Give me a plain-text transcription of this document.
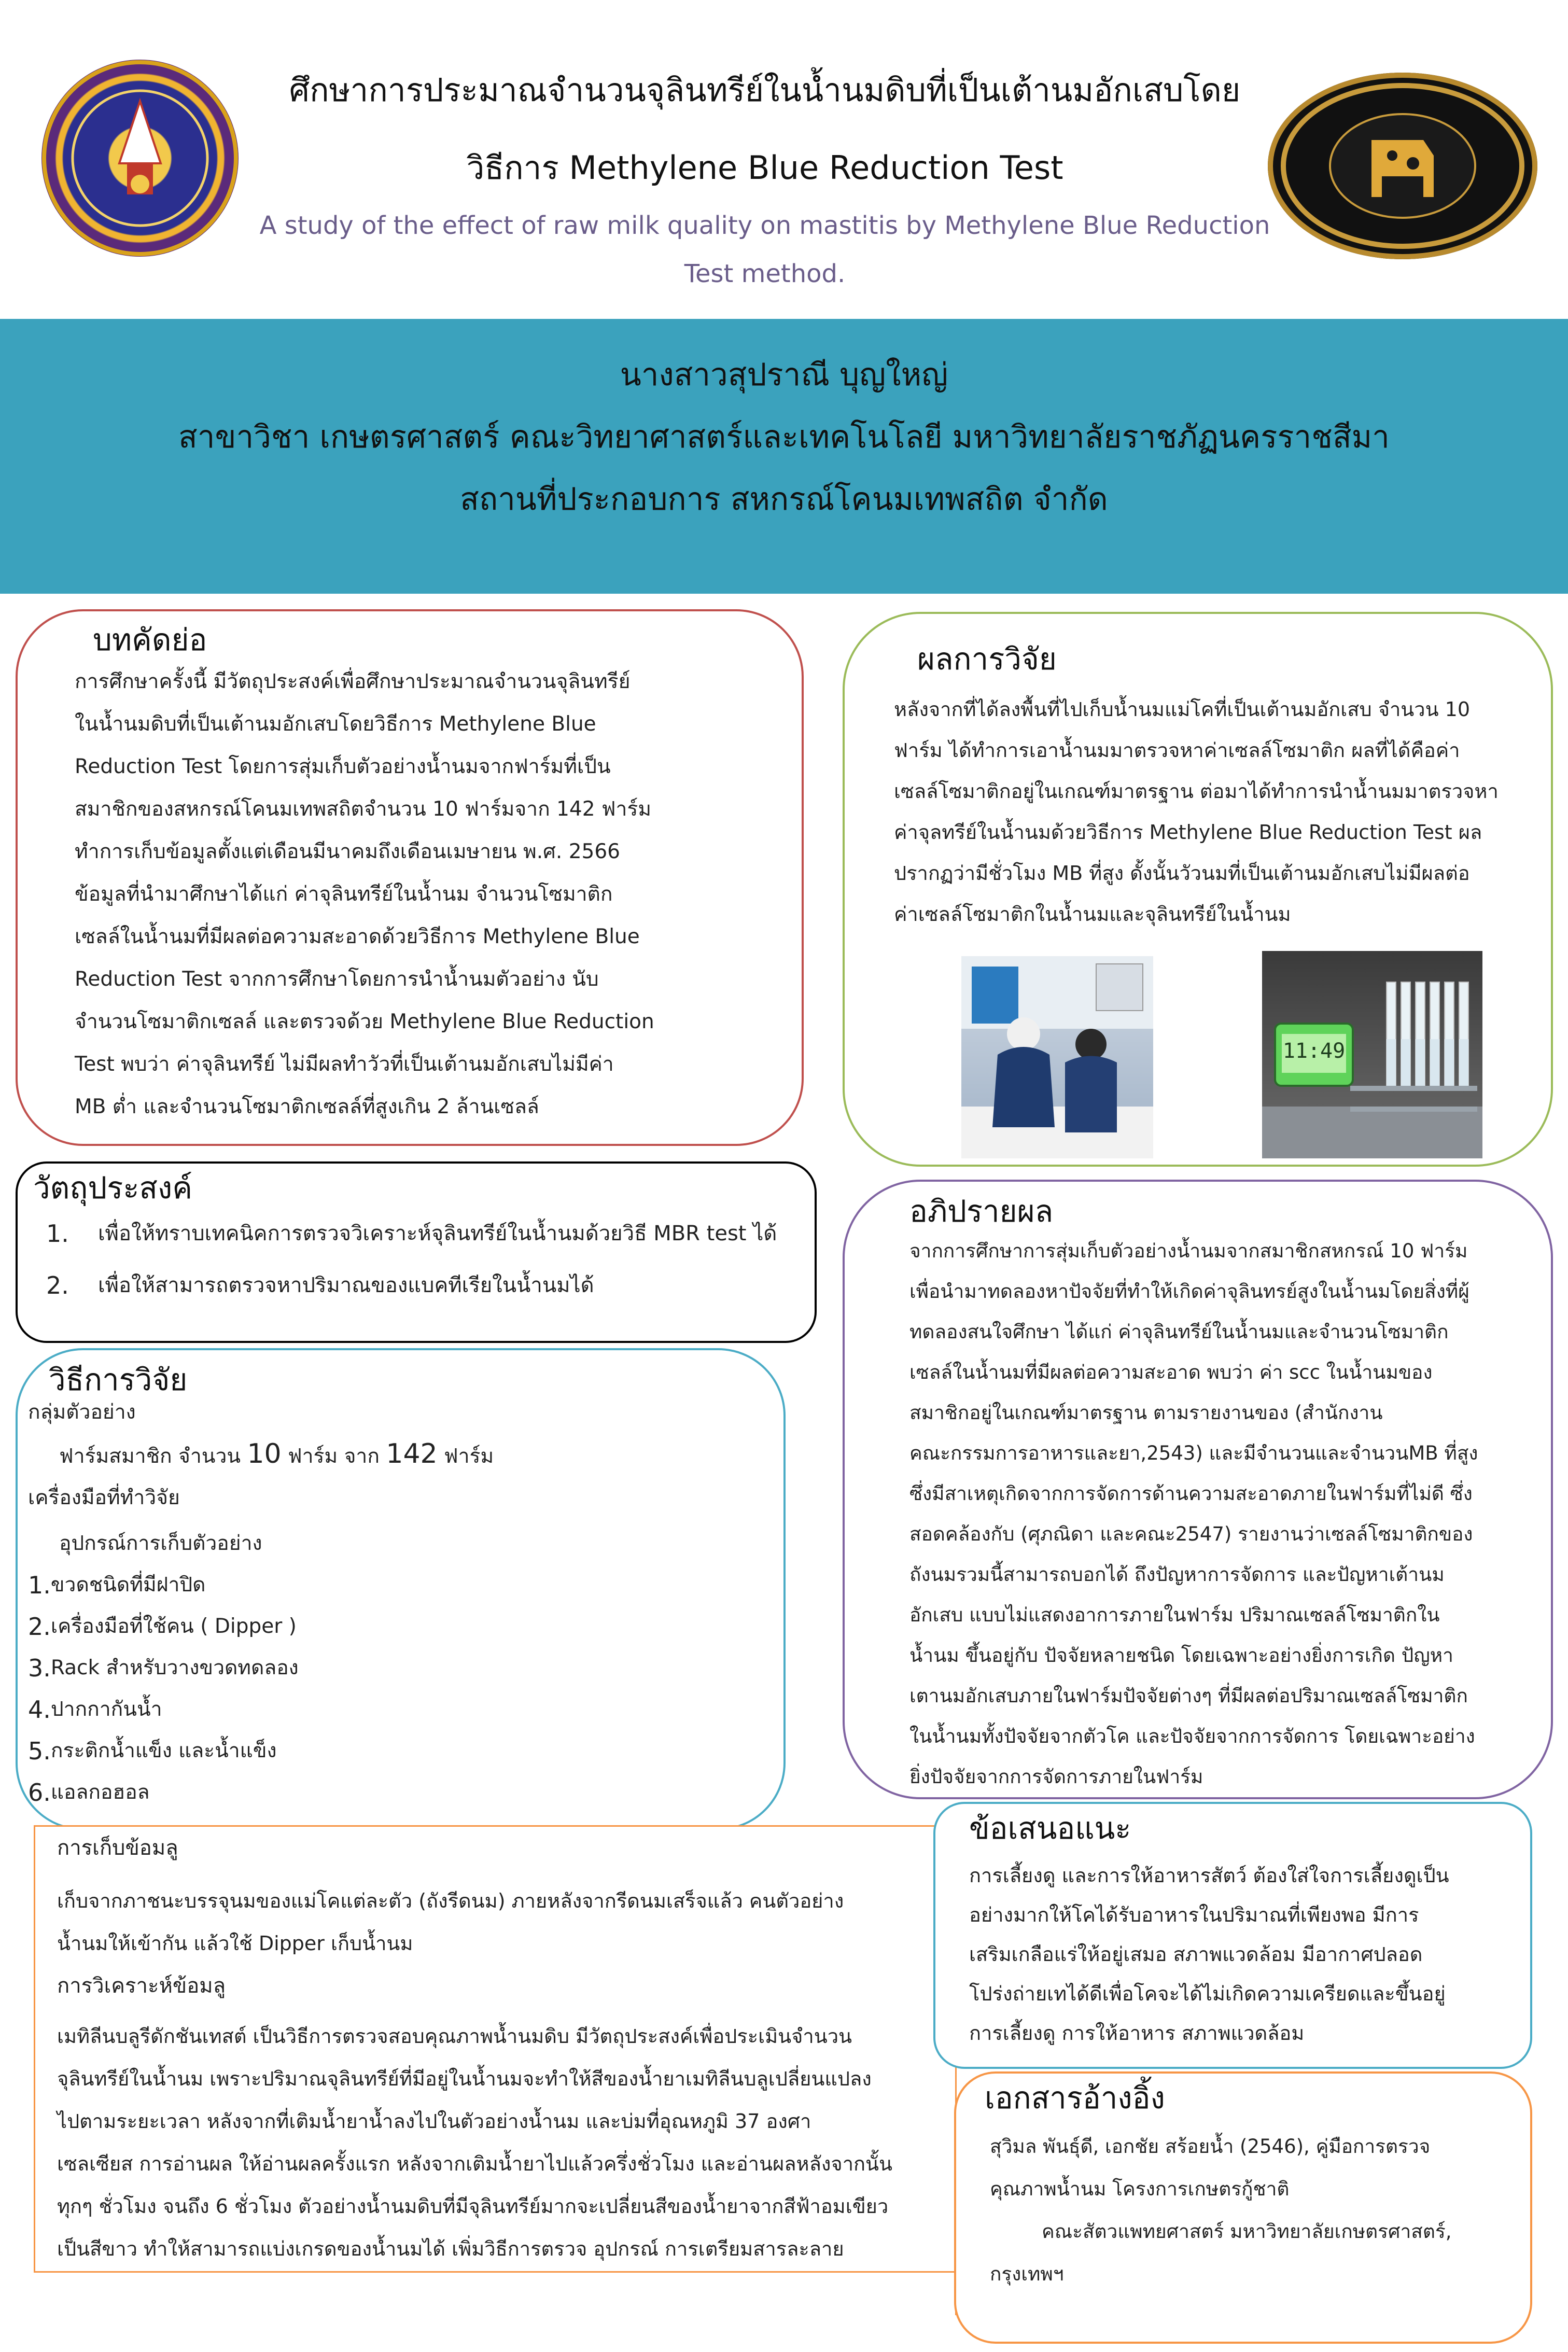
ศึกษาการประมาณจำนวนจุลินทรีย์ในน้ำนมดิบที่เป็นเต้านมอักเสบโดย
วิธีการ Methylene Blue Reduction Test
A study of the effect of raw milk quality on mastitis by Methylene Blue Reduction
Test method.
นางสาวสุปราณี บุญใหญ่
สาขาวิชา เกษตรศาสตร์ คณะวิทยาศาสตร์และเทคโนโลยี มหาวิทยาลัยราชภัฏนครราชสีมา
สถานที่ประกอบการ สหกรณ์โคนมเทพสถิต จำกัด
บทคัดย่อ

การศึกษาครั้งนี้ มีวัตถุประสงค์เพื่อศึกษาประมาณจำนวนจุลินทรีย์

ในน้ำนมดิบที่เป็นเต้านมอักเสบโดยวิธีการ Methylene Blue

Reduction Test โดยการสุ่มเก็บตัวอย่างน้ำนมจากฟาร์มที่เป็น

สมาชิกของสหกรณ์โคนมเทพสถิตจำนวน 10 ฟาร์มจาก 142 ฟาร์ม

ทำการเก็บข้อมูลตั้งแต่เดือนมีนาคมถึงเดือนเมษายน พ.ศ. 2566

ข้อมูลที่นำมาศึกษาได้แก่ ค่าจุลินทรีย์ในน้ำนม จำนวนโซมาติก

เซลล์ในน้ำนมที่มีผลต่อความสะอาดด้วยวิธีการ Methylene Blue

Reduction Test จากการศึกษาโดยการนำน้ำนมตัวอย่าง นับ

จำนวนโซมาติกเซลล์ และตรวจด้วย Methylene Blue Reduction

Test พบว่า ค่าจุลินทรีย์ ไม่มีผลทำวัวที่เป็นเต้านมอักเสบไม่มีค่า

MB ต่ำ และจำนวนโซมาติกเซลล์ที่สูงเกิน 2 ล้านเซลล์

ผลการวิจัย

หลังจากที่ได้ลงพื้นที่ไปเก็บน้ำนมแม่โคที่เป็นเต้านมอักเสบ จำนวน 10

ฟาร์ม ได้ทำการเอาน้ำนมมาตรวจหาค่าเซลล์โซมาติก ผลที่ได้คือค่า

เซลล์โซมาติกอยู่ในเกณฑ์มาตรฐาน ต่อมาได้ทำการนำน้ำนมมาตรวจหา

ค่าจุลทรีย์ในน้ำนมด้วยวิธีการ Methylene Blue Reduction Test ผล

ปรากฏว่ามีชั่วโมง MB ที่สูง ดั้งนั้นวัวนมที่เป็นเต้านมอักเสบไม่มีผลต่อ

ค่าเซลล์โซมาติกในน้ำนมและจุลินทรีย์ในน้ำนม

11:49
วัตถุประสงค์
1.	เพื่อให้ทราบเทคนิคการตรวจวิเคราะห์จุลินทรีย์ในน้ำนมด้วยวิธี MBR test ได้
2.	เพื่อให้สามารถตรวจหาปริมาณของแบคทีเรียในน้ำนมได้
วิธีการวิจัย

กลุ่มตัวอย่าง

ฟาร์มสมาชิก จำนวน 10 ฟาร์ม จาก 142 ฟาร์ม

เครื่องมือที่ทำวิจัย

อุปกรณ์การเก็บตัวอย่าง

1. ขวดชนิดที่มีฝาปิด
2. เครื่องมือที่ใช้คน ( Dipper )
3. Rack สำหรับวางขวดทดลอง
4. ปากกากันน้ำ
5. กระติกน้ำแข็ง และน้ำแข็ง
6. แอลกอฮอล
อภิปรายผล

จากการศึกษาการสุ่มเก็บตัวอย่างน้ำนมจากสมาชิกสหกรณ์ 10 ฟาร์ม

เพื่อนำมาทดลองหาปัจจัยที่ทำให้เกิดค่าจุลินทรย์สูงในน้ำนมโดยสิ่งที่ผู้

ทดลองสนใจศึกษา ได้แก่ ค่าจุลินทรีย์ในน้ำนมและจำนวนโซมาติก

เซลล์ในน้ำนมที่มีผลต่อความสะอาด พบว่า ค่า scc ในน้ำนมของ

สมาชิกอยู่ในเกณฑ์มาตรฐาน ตามรายงานของ (สำนักงาน

คณะกรรมการอาหารและยา,2543) และมีจำนวนและจำนวนMB ที่สูง

ซึ่งมีสาเหตุเกิดจากการจัดการด้านความสะอาดภายในฟาร์มที่ไม่ดี ซึ่ง

สอดคล้องกับ (ศุภณิดา และคณะ2547) รายงานว่าเซลล์โซมาติกของ

ถังนมรวมนี้สามารถบอกได้ ถึงปัญหาการจัดการ และปัญหาเต้านม

อักเสบ แบบไม่แสดงอาการภายในฟาร์ม ปริมาณเซลล์โซมาติกใน

น้ำนม ขึ้นอยู่กับ ปัจจัยหลายชนิด โดยเฉพาะอย่างยิ่งการเกิด ปัญหา

เตานมอักเสบภายในฟาร์มปัจจัยต่างๆ ที่มีผลต่อปริมาณเซลล์โซมาติก

ในน้ำนมทั้งปัจจัยจากตัวโค และปัจจัยจากการจัดการ โดยเฉพาะอย่าง

ยิ่งปัจจัยจากการจัดการภายในฟาร์ม

การเก็บข้อมลู

เก็บจากภาชนะบรรจุนมของแม่โคแต่ละตัว (ถังรีดนม) ภายหลังจากรีดนมเสร็จแล้ว คนตัวอย่าง

น้ำนมให้เข้ากัน แล้วใช้ Dipper เก็บน้ำนม

การวิเคราะห์ข้อมลู

เมทิลีนบลูรีดักชันเทสต์ เป็นวิธีการตรวจสอบคุณภาพน้ำนมดิบ มีวัตถุประสงค์เพื่อประเมินจำนวน

จุลินทรีย์ในน้ำนม เพราะปริมาณจุลินทรีย์ที่มีอยู่ในน้ำนมจะทำให้สีของน้ำยาเมทิลีนบลูเปลี่ยนแปลง

ไปตามระยะเวลา หลังจากที่เติมน้ำยาน้ำลงไปในตัวอย่างน้ำนม และบ่มที่อุณหภูมิ 37 องศา

เซลเซียส การอ่านผล ให้อ่านผลครั้งแรก หลังจากเติมน้ำยาไปแล้วครึ่งชั่วโมง และอ่านผลหลังจากนั้น

ทุกๆ ชั่วโมง จนถึง 6 ชั่วโมง ตัวอย่างน้ำนมดิบที่มีจุลินทรีย์มากจะเปลี่ยนสีของน้ำยาจากสีฟ้าอมเขียว

เป็นสีขาว ทำให้สามารถแบ่งเกรดของน้ำนมได้ เพิ่มวิธีการตรวจ อุปกรณ์ การเตรียมสารละลาย

ข้อเสนอแนะ

การเลี้ยงดู และการให้อาหารสัตว์ ต้องใส่ใจการเลี้ยงดูเป็น

อย่างมากให้โคได้รับอาหารในปริมาณที่เพียงพอ มีการ

เสริมเกลือแร่ให้อยู่เสมอ สภาพแวดล้อม มีอากาศปลอด

โปร่งถ่ายเทได้ดีเพื่อโคจะได้ไม่เกิดความเครียดและขึ้นอยู่

การเลี้ยงดู การให้อาหาร สภาพแวดล้อม

เอกสารอ้างอิ้ง

สุวิมล พันธุ์ดี, เอกชัย สร้อยน้ำ (2546), คู่มือการตรวจ

คุณภาพน้ำนม โครงการเกษตรกู้ชาติ

คณะสัตวแพทยศาสตร์ มหาวิทยาลัยเกษตรศาสตร์,

กรุงเทพฯ
